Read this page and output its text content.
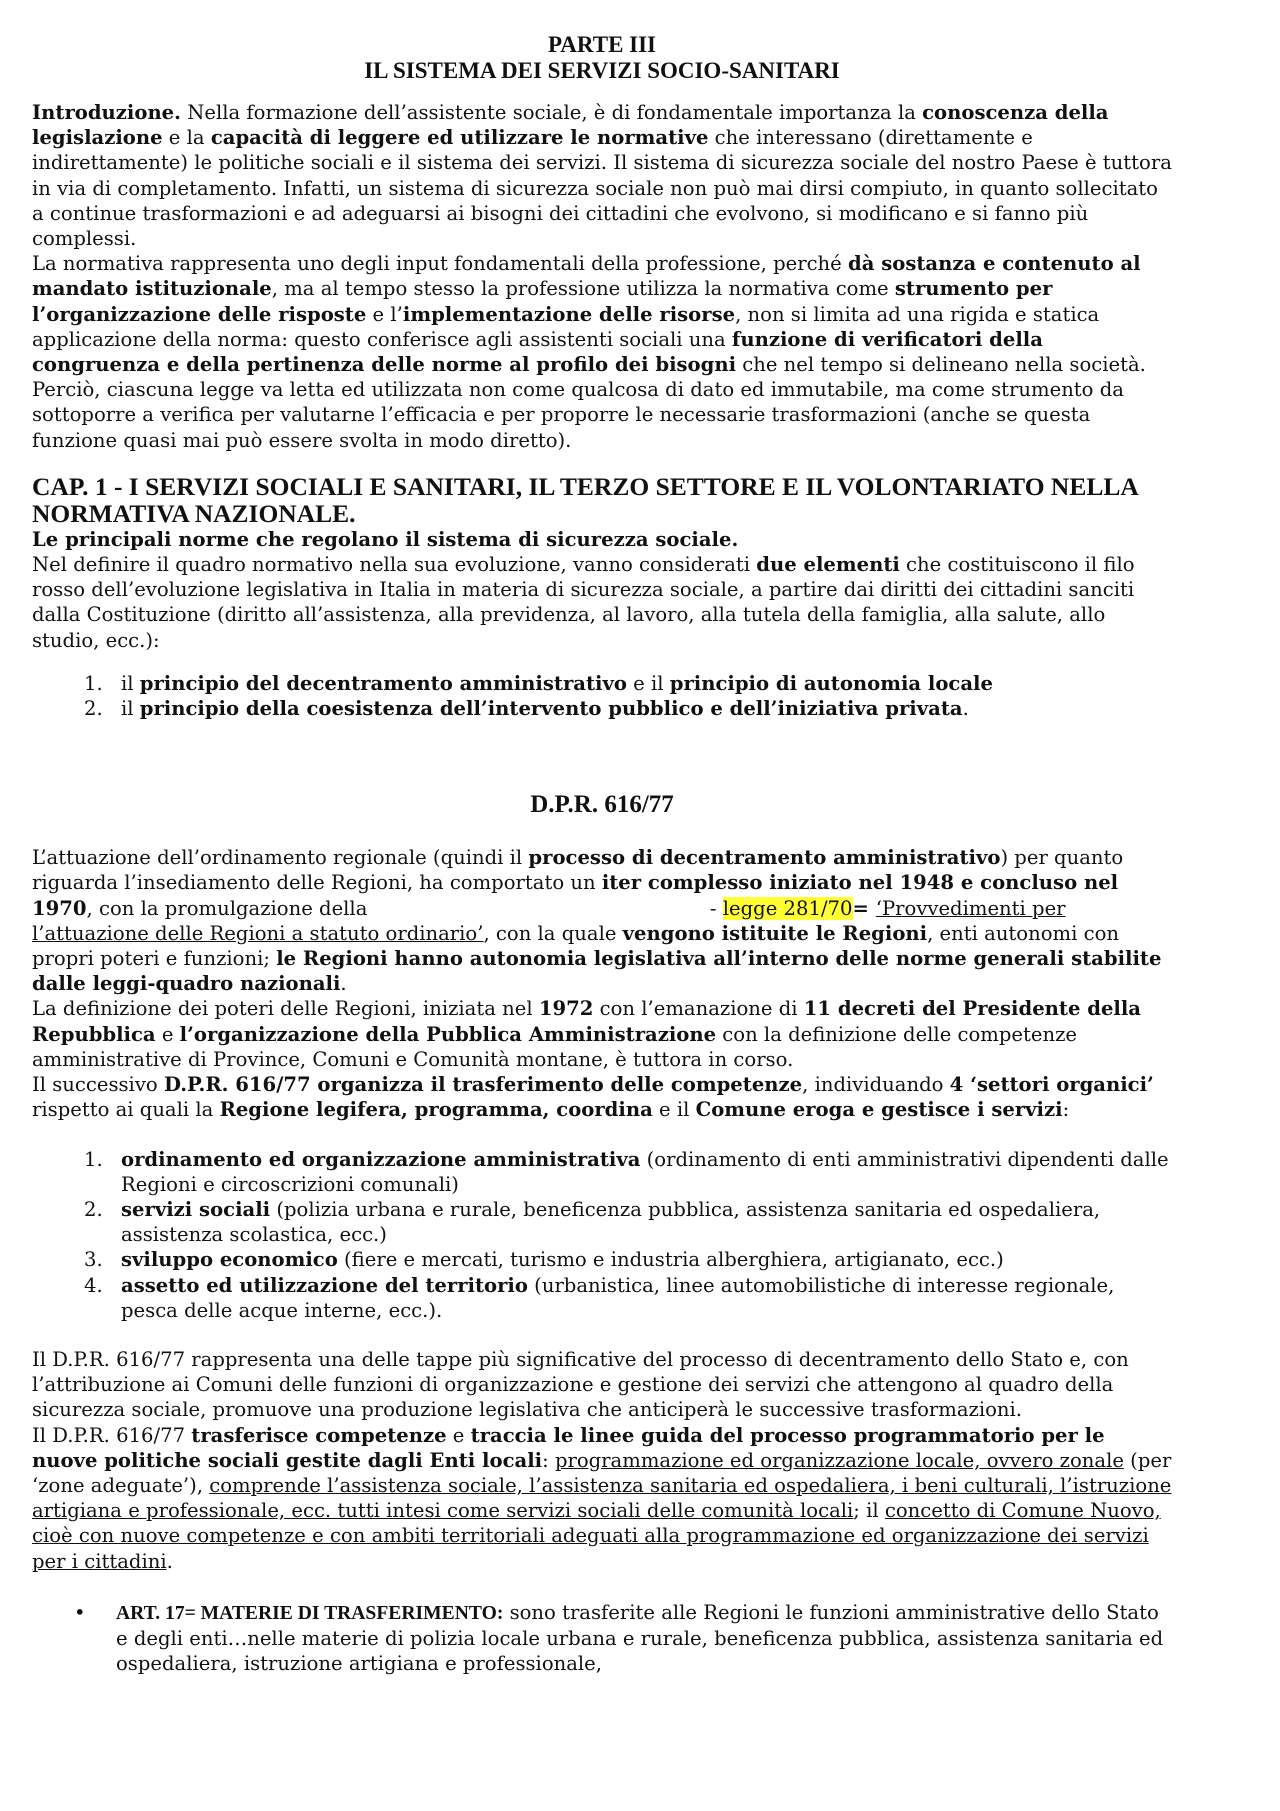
PARTE III
IL SISTEMA DEI SERVIZI SOCIO-SANITARI

Introduzione. Nella formazione dell’assistente sociale, è di fondamentale importanza la conoscenza della legislazione e la capacità di leggere ed utilizzare le normative che interessano (direttamente e indirettamente) le politiche sociali e il sistema dei servizi. Il sistema di sicurezza sociale del nostro Paese è tuttora in via di completamento. Infatti, un sistema di sicurezza sociale non può mai dirsi compiuto, in quanto sollecitato a continue trasformazioni e ad adeguarsi ai bisogni dei cittadini che evolvono, si modificano e si fanno più complessi.

La normativa rappresenta uno degli input fondamentali della professione, perché dà sostanza e contenuto al mandato istituzionale, ma al tempo stesso la professione utilizza la normativa come strumento per l’organizzazione delle risposte e l’implementazione delle risorse, non si limita ad una rigida e statica applicazione della norma: questo conferisce agli assistenti sociali una funzione di verificatori della congruenza e della pertinenza delle norme al profilo dei bisogni che nel tempo si delineano nella società. Perciò, ciascuna legge va letta ed utilizzata non come qualcosa di dato ed immutabile, ma come strumento da sottoporre a verifica per valutarne l’efficacia e per proporre le necessarie trasformazioni (anche se questa funzione quasi mai può essere svolta in modo diretto).

CAP. 1 - I SERVIZI SOCIALI E SANITARI, IL TERZO SETTORE E IL VOLONTARIATO NELLA NORMATIVA NAZIONALE.

Le principali norme che regolano il sistema di sicurezza sociale.

Nel definire il quadro normativo nella sua evoluzione, vanno considerati due elementi che costituiscono il filo rosso dell’evoluzione legislativa in Italia in materia di sicurezza sociale, a partire dai diritti dei cittadini sanciti dalla Costituzione (diritto all’assistenza, alla previdenza, al lavoro, alla tutela della famiglia, alla salute, allo studio, ecc.):

1. il principio del decentramento amministrativo e il principio di autonomia locale
2. il principio della coesistenza dell’intervento pubblico e dell’iniziativa privata.
D.P.R. 616/77

L’attuazione dell’ordinamento regionale (quindi il processo di decentramento amministrativo) per quanto riguarda l’insediamento delle Regioni, ha comportato un iter complesso iniziato nel 1948 e concluso nel 1970, con la promulgazione della                                                       - legge 281/70= ‘Provvedimenti per l’attuazione delle Regioni a statuto ordinario’, con la quale vengono istituite le Regioni, enti autonomi con propri poteri e funzioni; le Regioni hanno autonomia legislativa all’interno delle norme generali stabilite dalle leggi-quadro nazionali.

La definizione dei poteri delle Regioni, iniziata nel 1972 con l’emanazione di 11 decreti del Presidente della Repubblica e l’organizzazione della Pubblica Amministrazione con la definizione delle competenze amministrative di Province, Comuni e Comunità montane, è tuttora in corso.

Il successivo D.P.R. 616/77 organizza il trasferimento delle competenze, individuando 4 ‘settori organici’ rispetto ai quali la Regione legifera, programma, coordina e il Comune eroga e gestisce i servizi:

1. ordinamento ed organizzazione amministrativa (ordinamento di enti amministrativi dipendenti dalle Regioni e circoscrizioni comunali)
2. servizi sociali (polizia urbana e rurale, beneficenza pubblica, assistenza sanitaria ed ospedaliera, assistenza scolastica, ecc.)
3. sviluppo economico (fiere e mercati, turismo e industria alberghiera, artigianato, ecc.)
4. assetto ed utilizzazione del territorio (urbanistica, linee automobilistiche di interesse regionale, pesca delle acque interne, ecc.).

Il D.P.R. 616/77 rappresenta una delle tappe più significative del processo di decentramento dello Stato e, con l’attribuzione ai Comuni delle funzioni di organizzazione e gestione dei servizi che attengono al quadro della sicurezza sociale, promuove una produzione legislativa che anticiperà le successive trasformazioni.

Il D.P.R. 616/77 trasferisce competenze e traccia le linee guida del processo programmatorio per le nuove politiche sociali gestite dagli Enti locali: programmazione ed organizzazione locale, ovvero zonale (per ‘zone adeguate’), comprende l’assistenza sociale, l’assistenza sanitaria ed ospedaliera, i beni culturali, l’istruzione artigiana e professionale, ecc. tutti intesi come servizi sociali delle comunità locali; il concetto di Comune Nuovo, cioè con nuove competenze e con ambiti territoriali adeguati alla programmazione ed organizzazione dei servizi per i cittadini.

• ART. 17= MATERIE DI TRASFERIMENTO: sono trasferite alle Regioni le funzioni amministrative dello Stato e degli enti…nelle materie di polizia locale urbana e rurale, beneficenza pubblica, assistenza sanitaria ed ospedaliera, istruzione artigiana e professionale,
